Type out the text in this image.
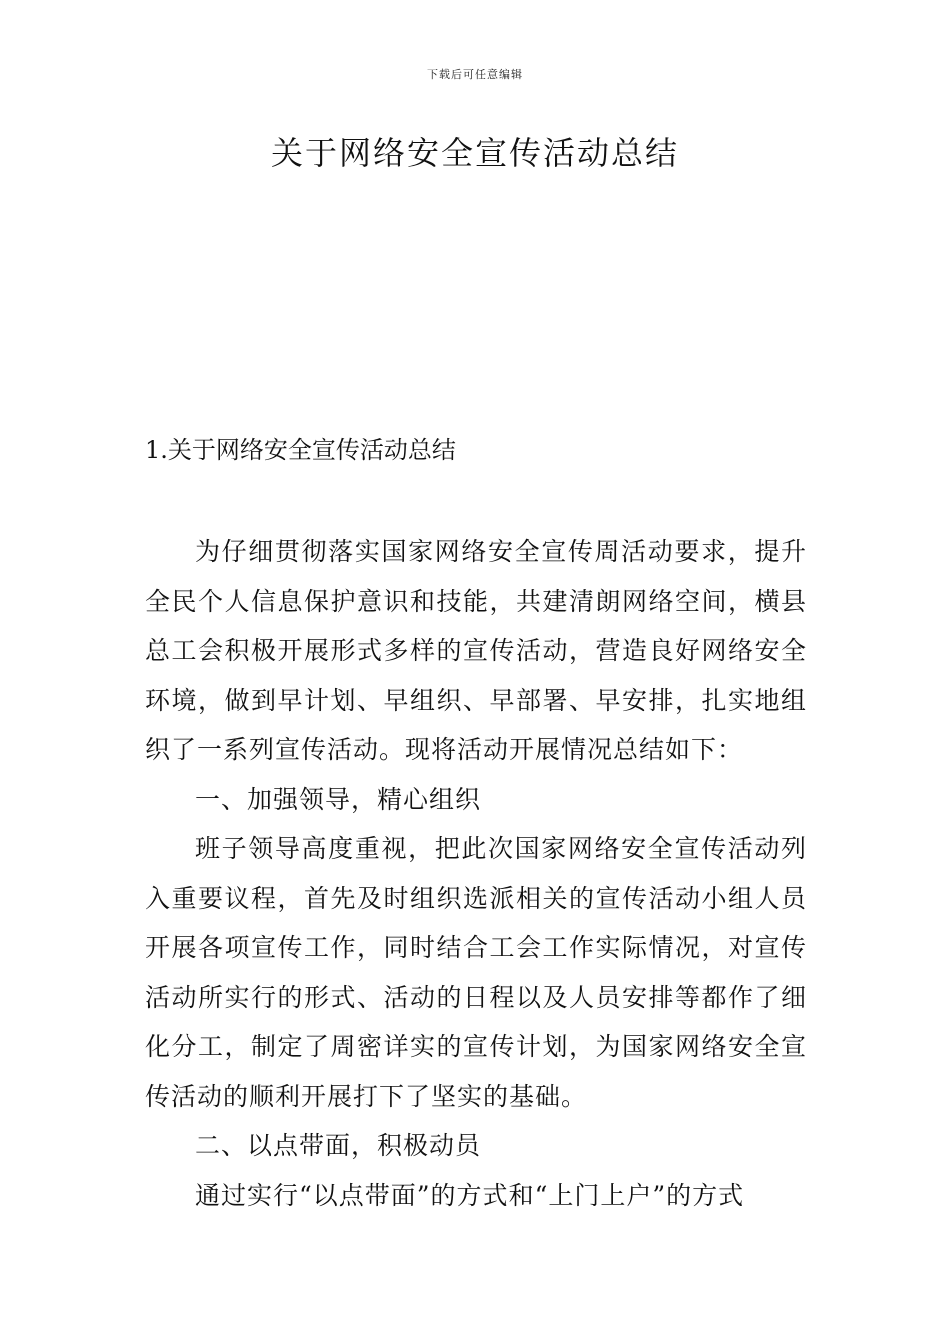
下载后可任意编辑
关于网络安全宣传活动总结
1.关于网络安全宣传活动总结

为仔细贯彻落实国家网络安全宣传周活动要求，提升全民个人信息保护意识和技能，共建清朗网络空间，横县总工会积极开展形式多样的宣传活动，营造良好网络安全环境，做到早计划、早组织、早部署、早安排，扎实地组织了一系列宣传活动。现将活动开展情况总结如下：

一、加强领导，精心组织

班子领导高度重视，把此次国家网络安全宣传活动列入重要议程，首先及时组织选派相关的宣传活动小组人员开展各项宣传工作，同时结合工会工作实际情况，对宣传活动所实行的形式、活动的日程以及人员安排等都作了细化分工，制定了周密详实的宣传计划，为国家网络安全宣传活动的顺利开展打下了坚实的基础。

二、以点带面，积极动员

通过实行“以点带面”的方式和“上门上户”的方式
